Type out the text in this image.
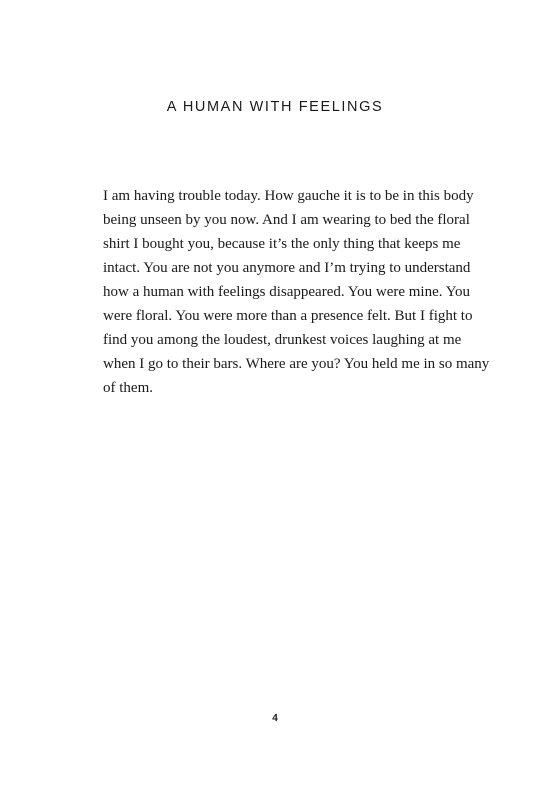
A HUMAN WITH FEELINGS
I am having trouble today. How gauche it is to be in this body
being unseen by you now. And I am wearing to bed the floral
shirt I bought you, because it’s the only thing that keeps me
intact. You are not you anymore and I’m trying to understand
how a human with feelings disappeared. You were mine. You
were floral. You were more than a presence felt. But I fight to
find you among the loudest, drunkest voices laughing at me
when I go to their bars. Where are you? You held me in so many
of them.
4
